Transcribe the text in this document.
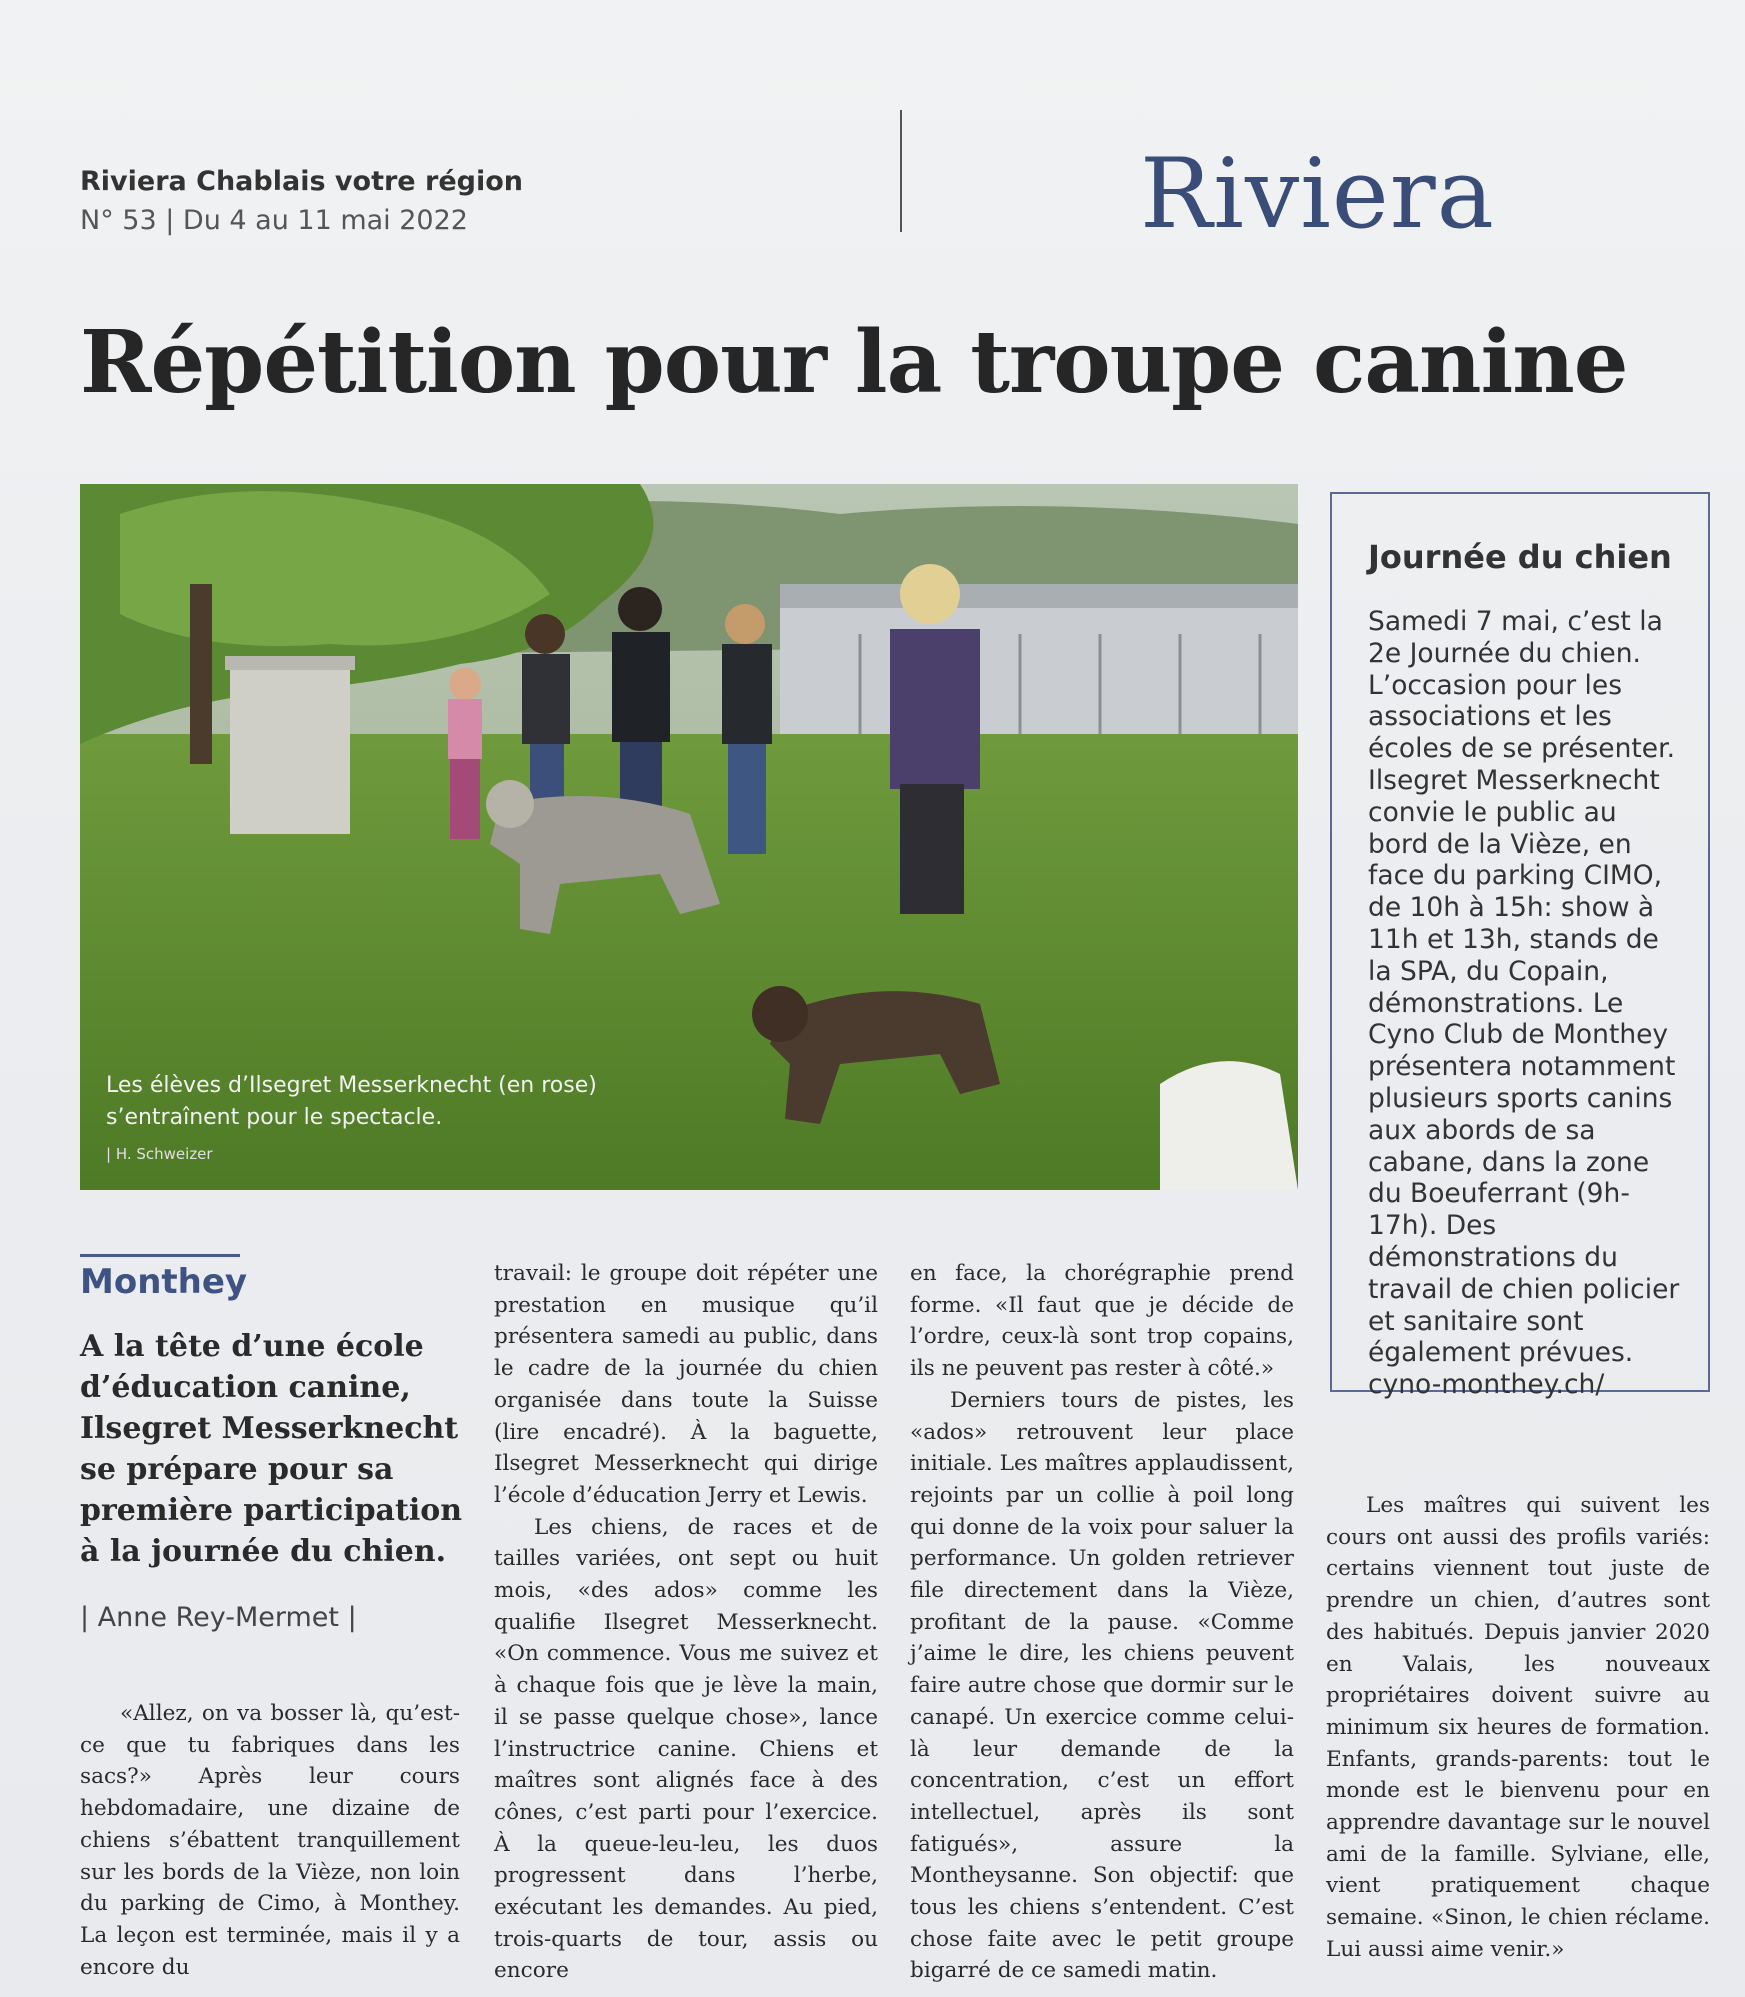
Riviera Chablais votre région
N° 53 | Du 4 au 11 mai 2022	Riviera
Répétition pour la troupe canine
Les élèves d’Ilsegret Messerknecht (en rose) s’entraînent pour le spectacle.
| H. Schweizer
Journée du chien
Samedi 7 mai, c’est la 2e Journée du chien. L’occasion pour les associations et les écoles de se présenter. Ilsegret Messerknecht convie le public au bord de la Vièze, en face du parking CIMO, de 10h à 15h: show à 11h et 13h, stands de la SPA, du Copain, démonstrations. Le Cyno Club de Monthey présentera notamment plusieurs sports canins aux abords de sa cabane, dans la zone du Boeuferrant (9h-17h). Des démonstrations du travail de chien policier et sanitaire sont également prévues. cyno-monthey.ch/
Monthey
A la tête d’une école d’éducation canine, Ilsegret Messerknecht se prépare pour sa première participation à la journée du chien.
| Anne Rey-Mermet |

«Allez, on va bosser là, qu’est-ce que tu fabriques dans les sacs?» Après leur cours hebdomadaire, une dizaine de chiens s’ébattent tranquillement sur les bords de la Vièze, non loin du parking de Cimo, à Monthey. La leçon est terminée, mais il y a encore du

travail: le groupe doit répéter une prestation en musique qu’il présentera samedi au public, dans le cadre de la journée du chien organisée dans toute la Suisse (lire encadré). À la baguette, Ilsegret Messerknecht qui dirige l’école d’éducation Jerry et Lewis.

Les chiens, de races et de tailles variées, ont sept ou huit mois, «des ados» comme les qualifie Ilsegret Messerknecht. «On commence. Vous me suivez et à chaque fois que je lève la main, il se passe quelque chose», lance l’instructrice canine. Chiens et maîtres sont alignés face à des cônes, c’est parti pour l’exercice. À la queue-leu-leu, les duos progressent dans l’herbe, exécutant les demandes. Au pied, trois-quarts de tour, assis ou encore

en face, la chorégraphie prend forme. «Il faut que je décide de l’ordre, ceux-là sont trop copains, ils ne peuvent pas rester à côté.»

Derniers tours de pistes, les «ados» retrouvent leur place initiale. Les maîtres applaudissent, rejoints par un collie à poil long qui donne de la voix pour saluer la performance. Un golden retriever file directement dans la Vièze, profitant de la pause. «Comme j’aime le dire, les chiens peuvent faire autre chose que dormir sur le canapé. Un exercice comme celui-là leur demande de la concentration, c’est un effort intellectuel, après ils sont fatigués», assure la Montheysanne. Son objectif: que tous les chiens s’entendent. C’est chose faite avec le petit groupe bigarré de ce samedi matin.

Les maîtres qui suivent les cours ont aussi des profils variés: certains viennent tout juste de prendre un chien, d’autres sont des habitués. Depuis janvier 2020 en Valais, les nouveaux propriétaires doivent suivre au minimum six heures de formation. Enfants, grands-parents: tout le monde est le bienvenu pour en apprendre davantage sur le nouvel ami de la famille. Sylviane, elle, vient pratiquement chaque semaine. «Sinon, le chien réclame. Lui aussi aime venir.»
